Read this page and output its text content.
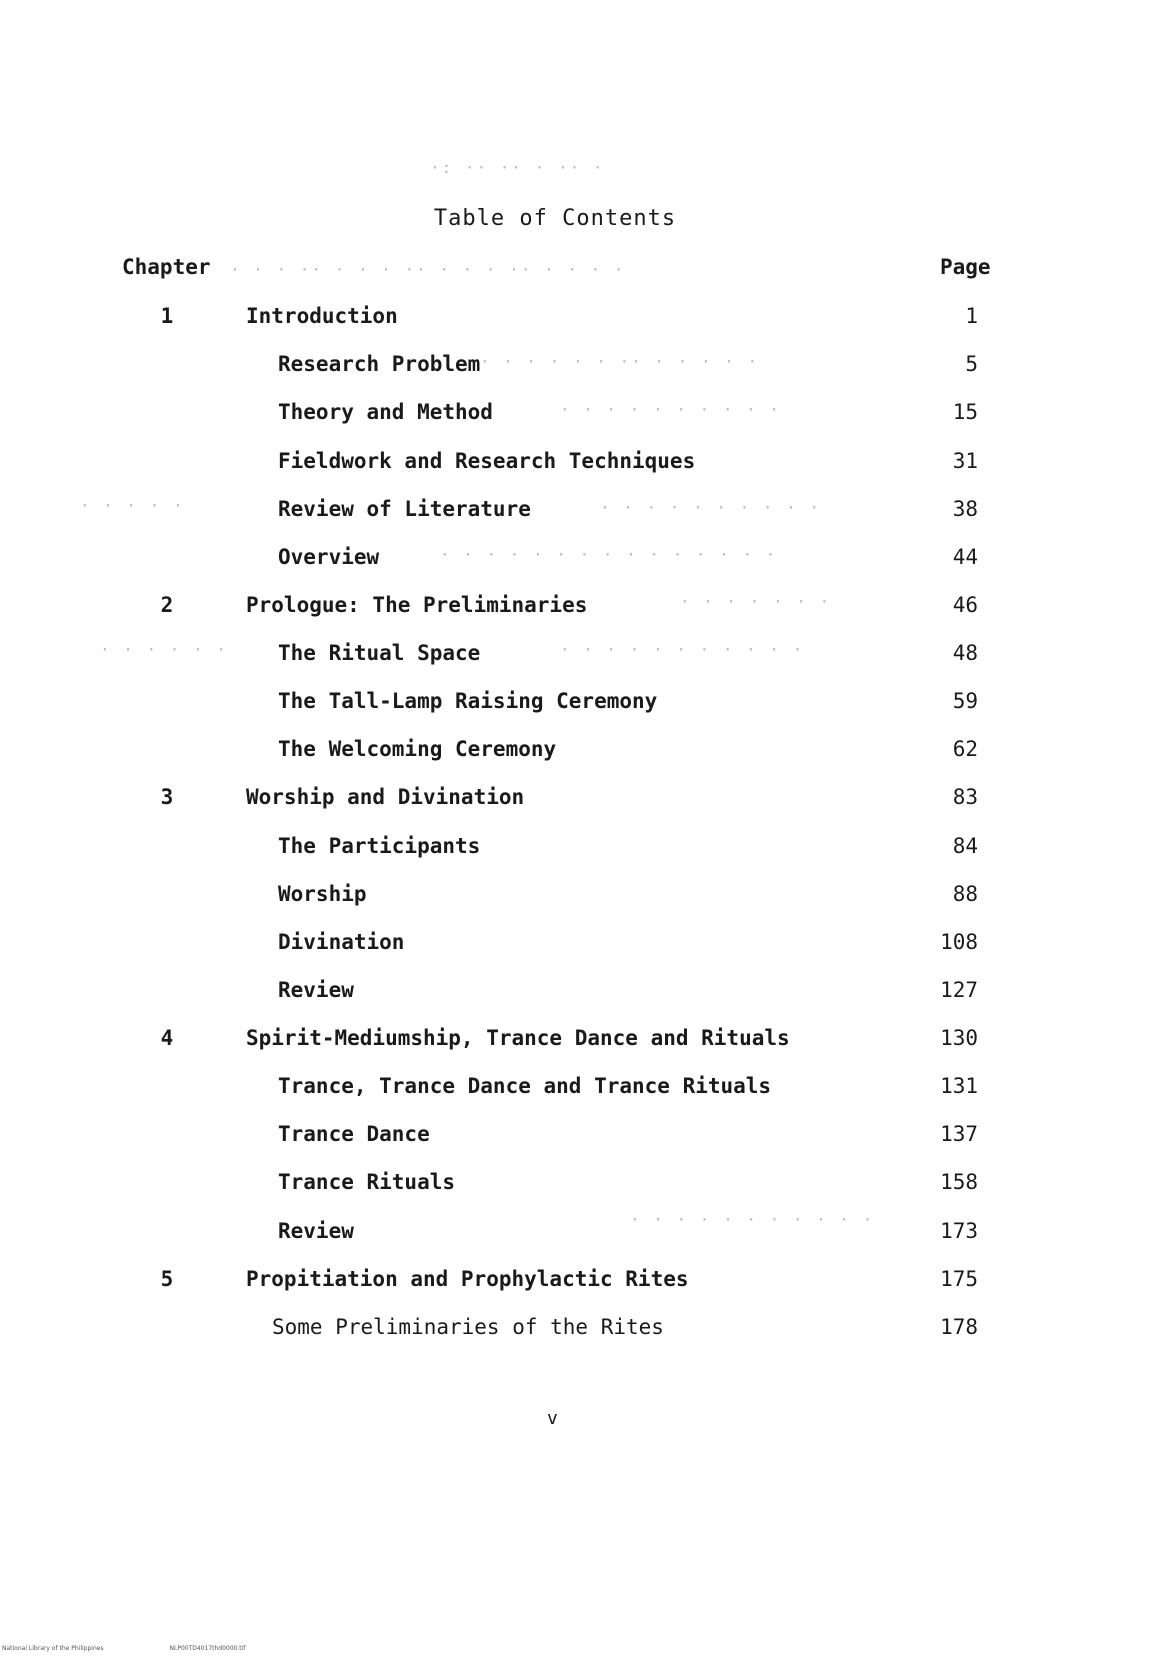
Table of Contents
Chapter	Page
·: ·· ·· · ·· ·
· · · ·· · · · ·· · · · ·· · · · ·
· · · · · · ·· · · · · ·
· · · · · · · · · ·
· · · · ·	· · · · · · · · · ·
· · · · · · · · · · · · · · ·
· · · · · · ·
· · · · · ·	· · · · · · · · · · ·
· · · · · · · · · · ·
1	Introduction	1
Research Problem	5
Theory and Method	15
Fieldwork and Research Techniques	31
Review of Literature	38
Overview	44
2	Prologue: The Preliminaries	46
The Ritual Space	48
The Tall-Lamp Raising Ceremony	59
The Welcoming Ceremony	62
3	Worship and Divination	83
The Participants	84
Worship	88
Divination	108
Review	127
4	Spirit-Mediumship, Trance Dance and Rituals	130
Trance, Trance Dance and Trance Rituals	131
Trance Dance	137
Trance Rituals	158
Review	173
5	Propitiation and Prophylactic Rites	175
Some Preliminaries of the Rites	178
v
National Library of the Philippines	NLP00TD4017thd0000.tif
